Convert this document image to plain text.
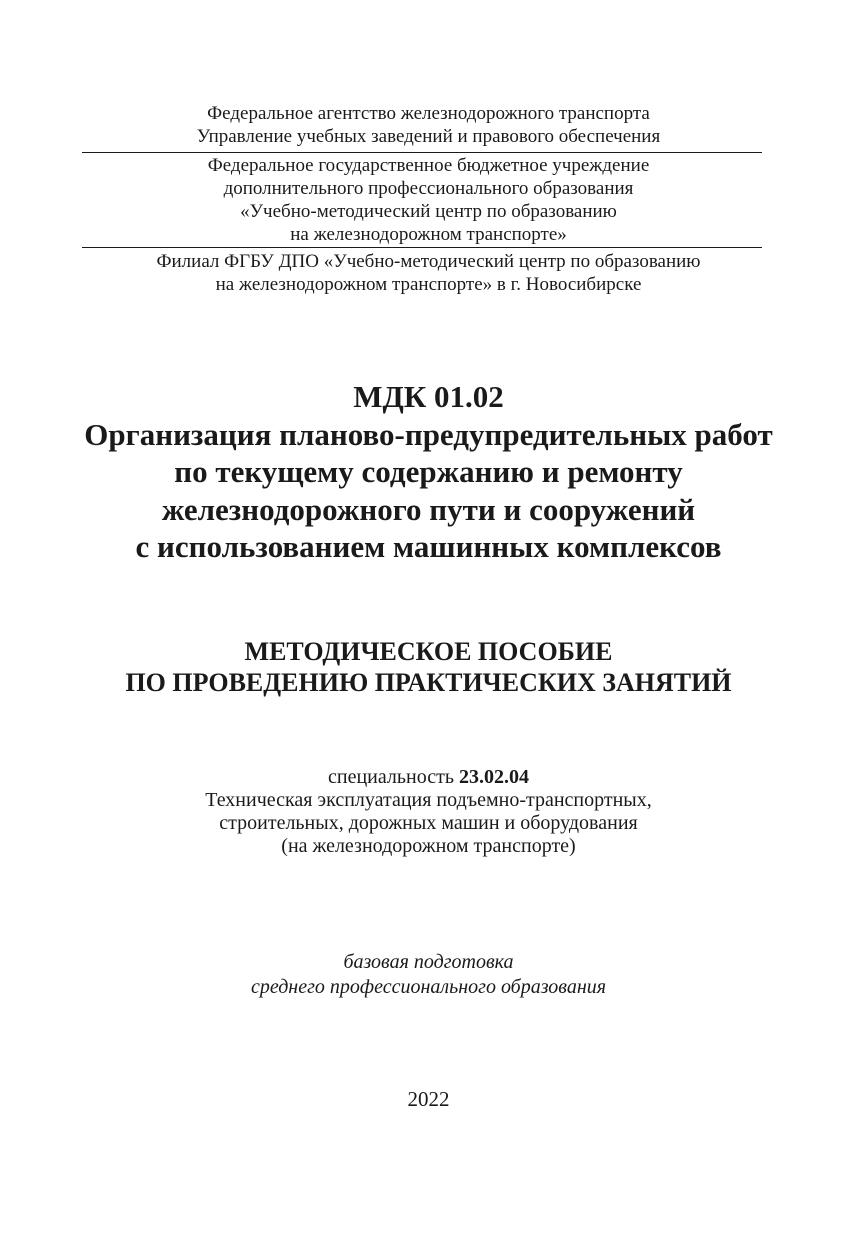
Федеральное агентство железнодорожного транспорта
Управление учебных заведений и правового обеспечения
Федеральное государственное бюджетное учреждение
дополнительного профессионального образования
«Учебно-методический центр по образованию
на железнодорожном транспорте»
Филиал ФГБУ ДПО «Учебно-методический центр по образованию
на железнодорожном транспорте» в г. Новосибирске
МДК 01.02
Организация планово-предупредительных работ
по текущему содержанию и ремонту
железнодорожного пути и сооружений
с использованием машинных комплексов
МЕТОДИЧЕСКОЕ ПОСОБИЕ
ПО ПРОВЕДЕНИЮ ПРАКТИЧЕСКИХ ЗАНЯТИЙ
специальность 23.02.04
Техническая эксплуатация подъемно-транспортных,
строительных, дорожных машин и оборудования
(на железнодорожном транспорте)
базовая подготовка
среднего профессионального образования
2022
